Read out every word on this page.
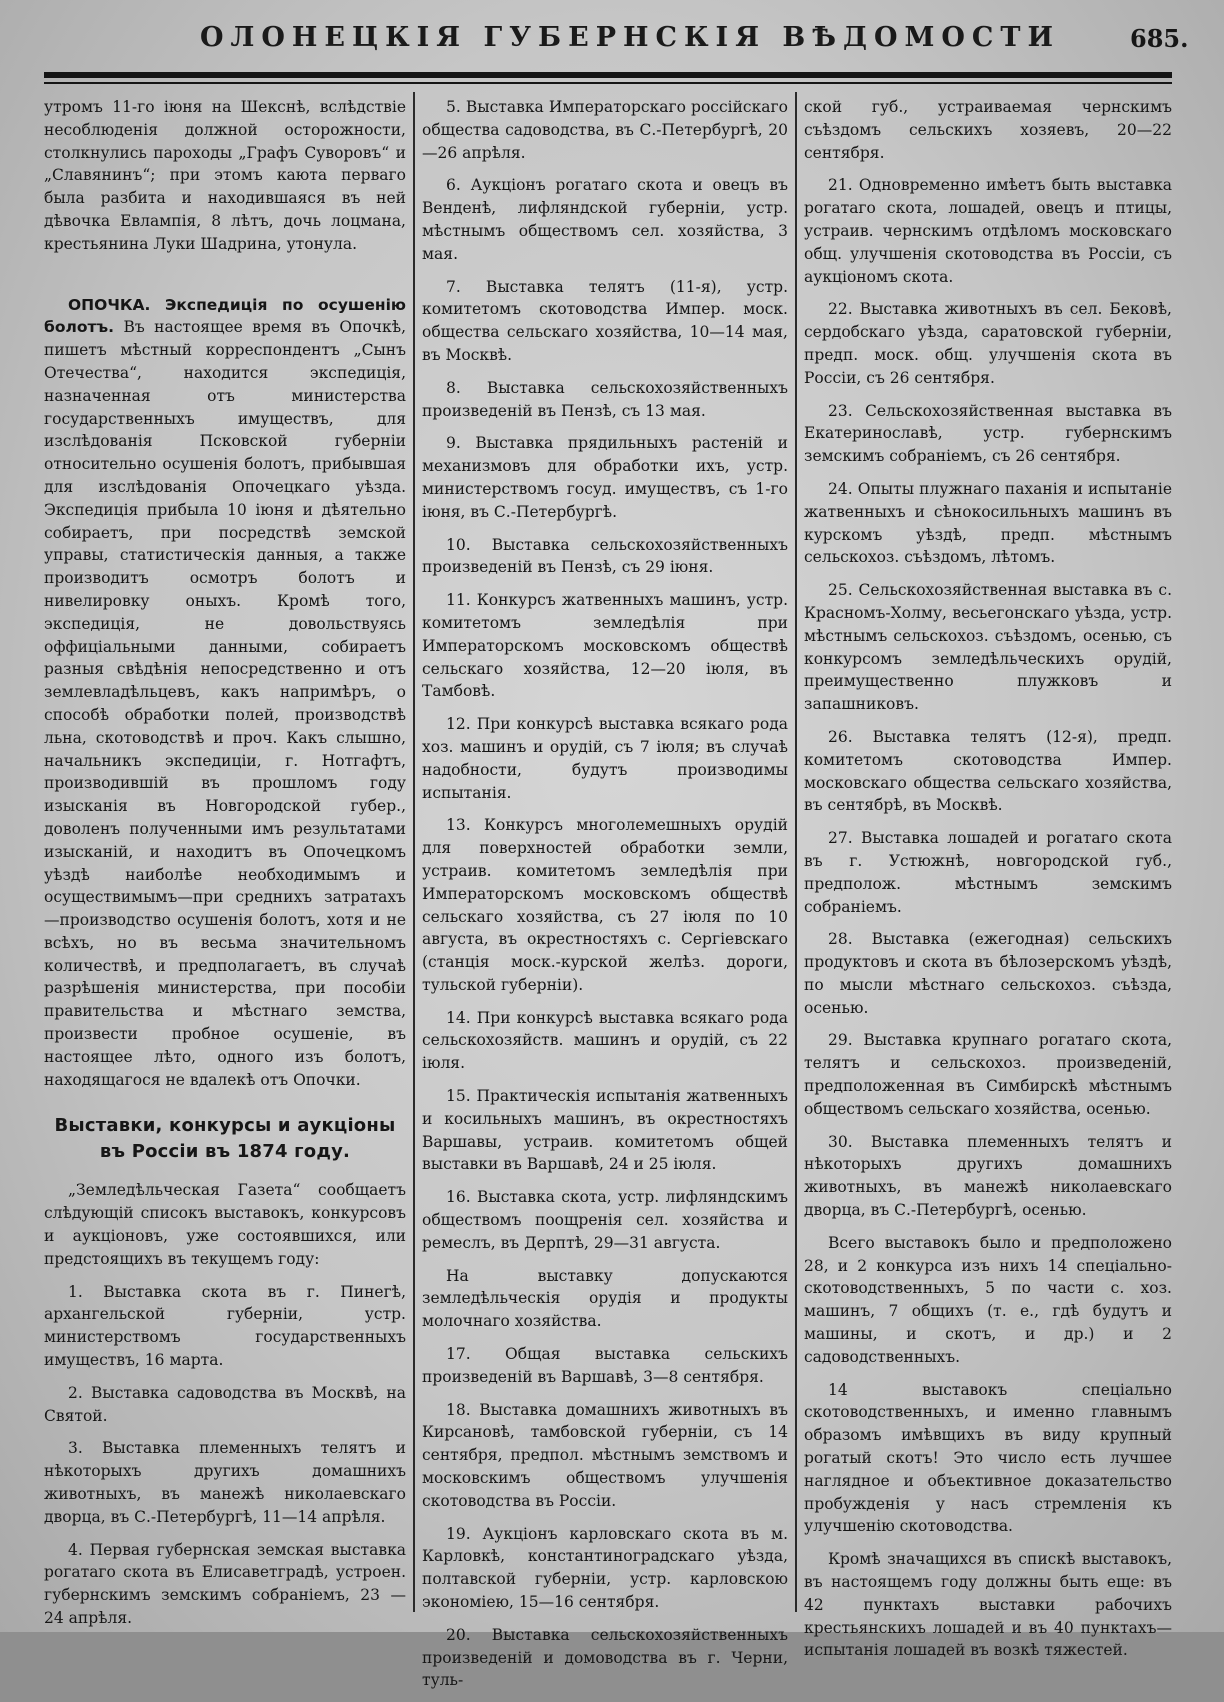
ОЛОНЕЦКІЯ ГУБЕРНСКІЯ ВѢДОМОСТИ	685.

утромъ 11-го іюня на Шекснѣ, вслѣдствіе несоблюденія должной осторожности, столкнулись пароходы „Графъ Суворовъ“ и „Славянинъ“; при этомъ каюта перваго была разбита и находившаяся въ ней дѣвочка Евлампія, 8 лѣтъ, дочь лоцмана, крестьянина Луки Шадрина, утонула.

ОПОЧКА. Экспедиція по осушенію болотъ. Въ настоящее время въ Опочкѣ, пишетъ мѣстный корреспондентъ „Сынъ Отечества“, находится экспедиція, назначенная отъ министерства государственныхъ имуществъ, для изслѣдованія Псковской губерніи относительно осушенія болотъ, прибывшая для изслѣдованія Опочецкаго уѣзда. Экспедиція прибыла 10 іюня и дѣятельно собираетъ, при посредствѣ земской управы, статистическія данныя, а также производитъ осмотръ болотъ и нивелировку оныхъ. Кромѣ того, экспедиція, не довольствуясь оффиціальными данными, собираетъ разныя свѣдѣнія непосредственно и отъ землевладѣльцевъ, какъ напримѣръ, о способѣ обработки полей, производствѣ льна, скотоводствѣ и проч. Какъ слышно, начальникъ экспедиціи, г. Нотгафтъ, производившій въ прошломъ году изысканія въ Новгородской губер., доволенъ полученными имъ результатами изысканій, и находитъ въ Опочецкомъ уѣздѣ наиболѣе необходимымъ и осуществимымъ—при среднихъ затратахъ—производство осушенія болотъ, хотя и не всѣхъ, но въ весьма значительномъ количествѣ, и предполагаетъ, въ случаѣ разрѣшенія министерства, при пособіи правительства и мѣстнаго земства, произвести пробное осушеніе, въ настоящее лѣто, одного изъ болотъ, находящагося не вдалекѣ отъ Опочки.

Выставки, конкурсы и аукціоны въ Россіи въ 1874 году.

„Земледѣльческая Газета“ сообщаетъ слѣдующій списокъ выставокъ, конкурсовъ и аукціоновъ, уже состоявшихся, или предстоящихъ въ текущемъ году:

1. Выставка скота въ г. Пинегѣ, архангельской губерніи, устр. министерствомъ государственныхъ имуществъ, 16 марта.

2. Выставка садоводства въ Москвѣ, на Святой.

3. Выставка племенныхъ телятъ и нѣкоторыхъ другихъ домашнихъ животныхъ, въ манежѣ николаевскаго дворца, въ С.-Петербургѣ, 11—14 апрѣля.

4. Первая губернская земская выставка рогатаго скота въ Елисаветградѣ, устроен. губернскимъ земскимъ собраніемъ, 23 — 24 апрѣля.

5. Выставка Императорскаго россійскаго общества садоводства, въ С.-Петербургѣ, 20—26 апрѣля.

6. Аукціонъ рогатаго скота и овецъ въ Венденѣ, лифляндской губерніи, устр. мѣстнымъ обществомъ сел. хозяйства, 3 мая.

7. Выставка телятъ (11-я), устр. комитетомъ скотоводства Импер. моск. общества сельскаго хозяйства, 10—14 мая, въ Москвѣ.

8. Выставка сельскохозяйственныхъ произведеній въ Пензѣ, съ 13 мая.

9. Выставка прядильныхъ растеній и механизмовъ для обработки ихъ, устр. министерствомъ госуд. имуществъ, съ 1-го іюня, въ С.-Петербургѣ.

10. Выставка сельскохозяйственныхъ произведеній въ Пензѣ, съ 29 іюня.

11. Конкурсъ жатвенныхъ машинъ, устр. комитетомъ земледѣлія при Императорскомъ московскомъ обществѣ сельскаго хозяйства, 12—20 іюля, въ Тамбовѣ.

12. При конкурсѣ выставка всякаго рода хоз. машинъ и орудій, съ 7 іюля; въ случаѣ надобности, будутъ производимы испытанія.

13. Конкурсъ многолемешныхъ орудій для поверхностей обработки земли, устраив. комитетомъ земледѣлія при Императорскомъ московскомъ обществѣ сельскаго хозяйства, съ 27 іюля по 10 августа, въ окрестностяхъ с. Сергіевскаго (станція моск.-курской желѣз. дороги, тульской губерніи).

14. При конкурсѣ выставка всякаго рода сельскохозяйств. машинъ и орудій, съ 22 іюля.

15. Практическія испытанія жатвенныхъ и косильныхъ машинъ, въ окрестностяхъ Варшавы, устраив. комитетомъ общей выставки въ Варшавѣ, 24 и 25 іюля.

16. Выставка скота, устр. лифляндскимъ обществомъ поощренія сел. хозяйства и ремеслъ, въ Дерптѣ, 29—31 августа.

На выставку допускаются земледѣльческія орудія и продукты молочнаго хозяйства.

17. Общая выставка сельскихъ произведеній въ Варшавѣ, 3—8 сентября.

18. Выставка домашнихъ животныхъ въ Кирсановѣ, тамбовской губерніи, съ 14 сентября, предпол. мѣстнымъ земствомъ и московскимъ обществомъ улучшенія скотоводства въ Россіи.

19. Аукціонъ карловскаго скота въ м. Карловкѣ, константиноградскаго уѣзда, полтавской губерніи, устр. карловскою экономіею, 15—16 сентября.

20. Выставка сельскохозяйственныхъ произведеній и домоводства въ г. Черни, туль-

ской губ., устраиваемая чернскимъ съѣздомъ сельскихъ хозяевъ, 20—22 сентября.

21. Одновременно имѣетъ быть выставка рогатаго скота, лошадей, овецъ и птицы, устраив. чернскимъ отдѣломъ московскаго общ. улучшенія скотоводства въ Россіи, съ аукціономъ скота.

22. Выставка животныхъ въ сел. Бековѣ, сердобскаго уѣзда, саратовской губерніи, предп. моск. общ. улучшенія скота въ Россіи, съ 26 сентября.

23. Сельскохозяйственная выставка въ Екатеринославѣ, устр. губернскимъ земскимъ собраніемъ, съ 26 сентября.

24. Опыты плужнаго паханія и испытаніе жатвенныхъ и сѣнокосильныхъ машинъ въ курскомъ уѣздѣ, предп. мѣстнымъ сельскохоз. съѣздомъ, лѣтомъ.

25. Сельскохозяйственная выставка въ с. Красномъ-Холму, весьегонскаго уѣзда, устр. мѣстнымъ сельскохоз. съѣздомъ, осенью, съ конкурсомъ земледѣльческихъ орудій, преимущественно плужковъ и запашниковъ.

26. Выставка телятъ (12-я), предп. комитетомъ скотоводства Импер. московскаго общества сельскаго хозяйства, въ сентябрѣ, въ Москвѣ.

27. Выставка лошадей и рогатаго скота въ г. Устюжнѣ, новгородской губ., предполож. мѣстнымъ земскимъ собраніемъ.

28. Выставка (ежегодная) сельскихъ продуктовъ и скота въ бѣлозерскомъ уѣздѣ, по мысли мѣстнаго сельскохоз. съѣзда, осенью.

29. Выставка крупнаго рогатаго скота, телятъ и сельскохоз. произведеній, предположенная въ Симбирскѣ мѣстнымъ обществомъ сельскаго хозяйства, осенью.

30. Выставка племенныхъ телятъ и нѣкоторыхъ другихъ домашнихъ животныхъ, въ манежѣ николаевскаго дворца, въ С.-Петербургѣ, осенью.

Всего выставокъ было и предположено 28, и 2 конкурса изъ нихъ 14 спеціально-скотоводственныхъ, 5 по части с. хоз. машинъ, 7 общихъ (т. е., гдѣ будутъ и машины, и скотъ, и др.) и 2 садоводственныхъ.

14 выставокъ спеціально скотоводственныхъ, и именно главнымъ образомъ имѣвщихъ въ виду крупный рогатый скотъ! Это число есть лучшее наглядное и объективное доказательство пробужденія у насъ стремленія къ улучшенію скотоводства.

Кромѣ значащихся въ спискѣ выставокъ, въ настоящемъ году должны быть еще: въ 42 пунктахъ выставки рабочихъ крестьянскихъ лошадей и въ 40 пунктахъ—испытанія лошадей въ возкѣ тяжестей.
